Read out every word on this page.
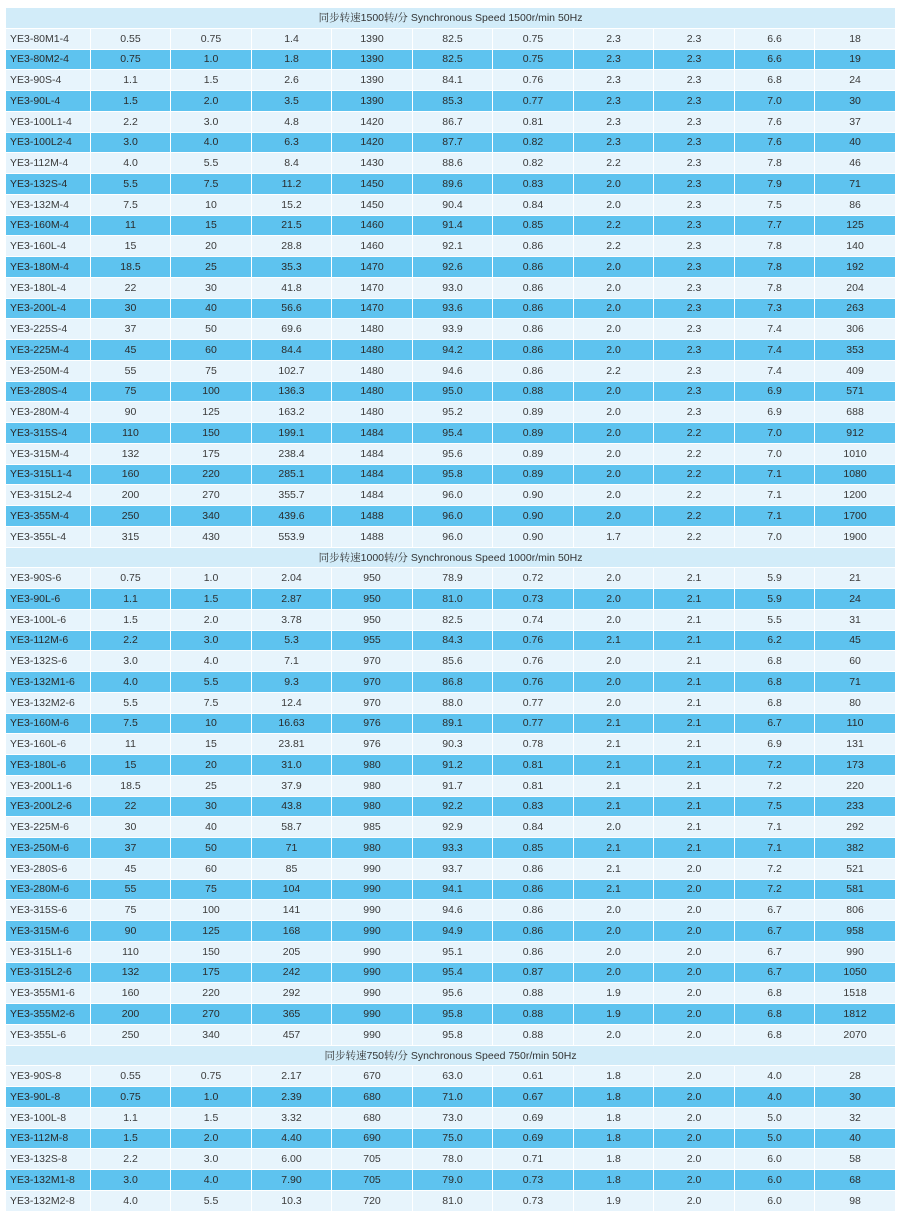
同步转速1500转/分 Synchronous Speed 1500r/min 50Hz										
YE3-80M1-4	0.55	0.75	1.4	1390	82.5	0.75	2.3	2.3	6.6	18
YE3-80M2-4	0.75	1.0	1.8	1390	82.5	0.75	2.3	2.3	6.6	19
YE3-90S-4	1.1	1.5	2.6	1390	84.1	0.76	2.3	2.3	6.8	24
YE3-90L-4	1.5	2.0	3.5	1390	85.3	0.77	2.3	2.3	7.0	30
YE3-100L1-4	2.2	3.0	4.8	1420	86.7	0.81	2.3	2.3	7.6	37
YE3-100L2-4	3.0	4.0	6.3	1420	87.7	0.82	2.3	2.3	7.6	40
YE3-112M-4	4.0	5.5	8.4	1430	88.6	0.82	2.2	2.3	7.8	46
YE3-132S-4	5.5	7.5	11.2	1450	89.6	0.83	2.0	2.3	7.9	71
YE3-132M-4	7.5	10	15.2	1450	90.4	0.84	2.0	2.3	7.5	86
YE3-160M-4	11	15	21.5	1460	91.4	0.85	2.2	2.3	7.7	125
YE3-160L-4	15	20	28.8	1460	92.1	0.86	2.2	2.3	7.8	140
YE3-180M-4	18.5	25	35.3	1470	92.6	0.86	2.0	2.3	7.8	192
YE3-180L-4	22	30	41.8	1470	93.0	0.86	2.0	2.3	7.8	204
YE3-200L-4	30	40	56.6	1470	93.6	0.86	2.0	2.3	7.3	263
YE3-225S-4	37	50	69.6	1480	93.9	0.86	2.0	2.3	7.4	306
YE3-225M-4	45	60	84.4	1480	94.2	0.86	2.0	2.3	7.4	353
YE3-250M-4	55	75	102.7	1480	94.6	0.86	2.2	2.3	7.4	409
YE3-280S-4	75	100	136.3	1480	95.0	0.88	2.0	2.3	6.9	571
YE3-280M-4	90	125	163.2	1480	95.2	0.89	2.0	2.3	6.9	688
YE3-315S-4	110	150	199.1	1484	95.4	0.89	2.0	2.2	7.0	912
YE3-315M-4	132	175	238.4	1484	95.6	0.89	2.0	2.2	7.0	1010
YE3-315L1-4	160	220	285.1	1484	95.8	0.89	2.0	2.2	7.1	1080
YE3-315L2-4	200	270	355.7	1484	96.0	0.90	2.0	2.2	7.1	1200
YE3-355M-4	250	340	439.6	1488	96.0	0.90	2.0	2.2	7.1	1700
YE3-355L-4	315	430	553.9	1488	96.0	0.90	1.7	2.2	7.0	1900
同步转速1000转/分 Synchronous Speed 1000r/min 50Hz										
YE3-90S-6	0.75	1.0	2.04	950	78.9	0.72	2.0	2.1	5.9	21
YE3-90L-6	1.1	1.5	2.87	950	81.0	0.73	2.0	2.1	5.9	24
YE3-100L-6	1.5	2.0	3.78	950	82.5	0.74	2.0	2.1	5.5	31
YE3-112M-6	2.2	3.0	5.3	955	84.3	0.76	2.1	2.1	6.2	45
YE3-132S-6	3.0	4.0	7.1	970	85.6	0.76	2.0	2.1	6.8	60
YE3-132M1-6	4.0	5.5	9.3	970	86.8	0.76	2.0	2.1	6.8	71
YE3-132M2-6	5.5	7.5	12.4	970	88.0	0.77	2.0	2.1	6.8	80
YE3-160M-6	7.5	10	16.63	976	89.1	0.77	2.1	2.1	6.7	110
YE3-160L-6	11	15	23.81	976	90.3	0.78	2.1	2.1	6.9	131
YE3-180L-6	15	20	31.0	980	91.2	0.81	2.1	2.1	7.2	173
YE3-200L1-6	18.5	25	37.9	980	91.7	0.81	2.1	2.1	7.2	220
YE3-200L2-6	22	30	43.8	980	92.2	0.83	2.1	2.1	7.5	233
YE3-225M-6	30	40	58.7	985	92.9	0.84	2.0	2.1	7.1	292
YE3-250M-6	37	50	71	980	93.3	0.85	2.1	2.1	7.1	382
YE3-280S-6	45	60	85	990	93.7	0.86	2.1	2.0	7.2	521
YE3-280M-6	55	75	104	990	94.1	0.86	2.1	2.0	7.2	581
YE3-315S-6	75	100	141	990	94.6	0.86	2.0	2.0	6.7	806
YE3-315M-6	90	125	168	990	94.9	0.86	2.0	2.0	6.7	958
YE3-315L1-6	110	150	205	990	95.1	0.86	2.0	2.0	6.7	990
YE3-315L2-6	132	175	242	990	95.4	0.87	2.0	2.0	6.7	1050
YE3-355M1-6	160	220	292	990	95.6	0.88	1.9	2.0	6.8	1518
YE3-355M2-6	200	270	365	990	95.8	0.88	1.9	2.0	6.8	1812
YE3-355L-6	250	340	457	990	95.8	0.88	2.0	2.0	6.8	2070
同步转速750转/分 Synchronous Speed 750r/min 50Hz										
YE3-90S-8	0.55	0.75	2.17	670	63.0	0.61	1.8	2.0	4.0	28
YE3-90L-8	0.75	1.0	2.39	680	71.0	0.67	1.8	2.0	4.0	30
YE3-100L-8	1.1	1.5	3.32	680	73.0	0.69	1.8	2.0	5.0	32
YE3-112M-8	1.5	2.0	4.40	690	75.0	0.69	1.8	2.0	5.0	40
YE3-132S-8	2.2	3.0	6.00	705	78.0	0.71	1.8	2.0	6.0	58
YE3-132M1-8	3.0	4.0	7.90	705	79.0	0.73	1.8	2.0	6.0	68
YE3-132M2-8	4.0	5.5	10.3	720	81.0	0.73	1.9	2.0	6.0	98
